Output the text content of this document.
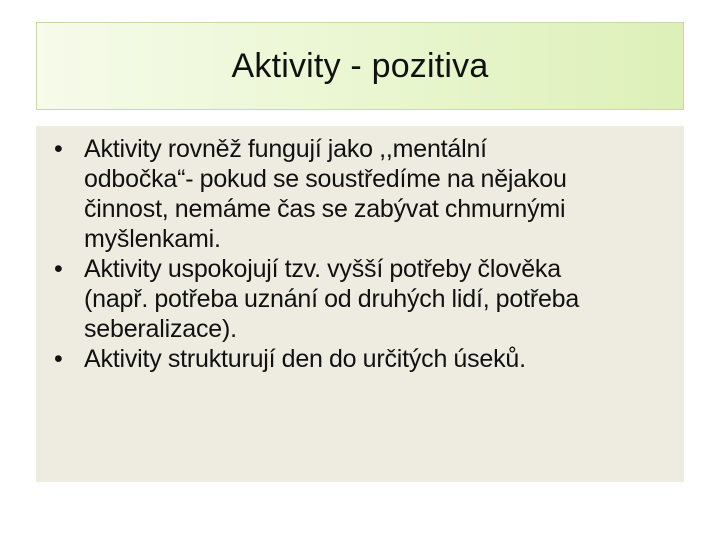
Aktivity - pozitiva
• Aktivity rovněž fungují jako ,,mentální
odbočka“- pokud se soustředíme na nějakou
činnost, nemáme čas se zabývat chmurnými
myšlenkami.
• Aktivity uspokojují tzv. vyšší potřeby člověka
(např. potřeba uznání od druhých lidí, potřeba
seberalizace).
• Aktivity strukturují den do určitých úseků.
